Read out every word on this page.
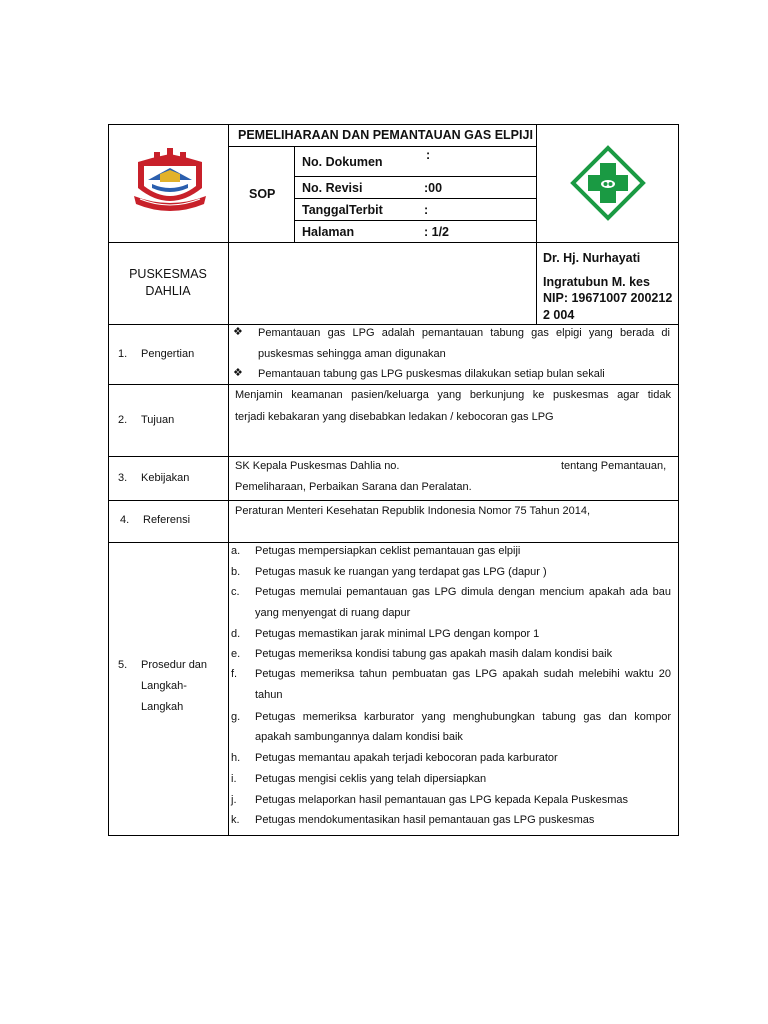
PEMELIHARAAN DAN PEMANTAUAN GAS ELPIJI
SOP
No. Dokumen	:
No. Revisi	:00
TanggalTerbit	:
Halaman	: 1/2
PUSKESMAS
DAHLIA
Dr. Hj. Nurhayati
Ingratubun M. kes
NIP: 19671007 200212
2 004
1. Pengertian
❖ Pemantauan gas LPG adalah pemantauan tabung gas elpigi yang berada di
puskesmas sehingga aman digunakan
❖ Pemantauan tabung gas LPG puskesmas dilakukan setiap bulan sekali
2. Tujuan
Menjamin keamanan pasien/keluarga yang berkunjung ke puskesmas agar tidak
terjadi kebakaran yang disebabkan ledakan / kebocoran gas LPG
3. Kebijakan
SK Kepala Puskesmas Dahlia no.	tentang Pemantauan,
Pemeliharaan, Perbaikan Sarana dan Peralatan.
4. Referensi
Peraturan Menteri Kesehatan Republik Indonesia Nomor 75 Tahun 2014,
5. Prosedur dan
Langkah-
Langkah
a. Petugas mempersiapkan ceklist pemantauan gas elpiji
b. Petugas masuk ke ruangan yang terdapat gas LPG (dapur )
c. Petugas memulai pemantauan gas LPG dimula dengan mencium apakah ada bau
yang menyengat di ruang dapur
d. Petugas memastikan jarak minimal LPG dengan kompor 1
e. Petugas memeriksa kondisi tabung gas apakah masih dalam kondisi baik
f. Petugas memeriksa tahun pembuatan gas LPG apakah sudah melebihi waktu 20
tahun
g. Petugas memeriksa karburator yang menghubungkan tabung gas dan kompor
apakah sambungannya dalam kondisi baik
h. Petugas memantau apakah terjadi kebocoran pada karburator
i. Petugas mengisi ceklis yang telah dipersiapkan
j. Petugas melaporkan hasil pemantauan gas LPG kepada Kepala Puskesmas
k. Petugas mendokumentasikan hasil pemantauan gas LPG puskesmas
